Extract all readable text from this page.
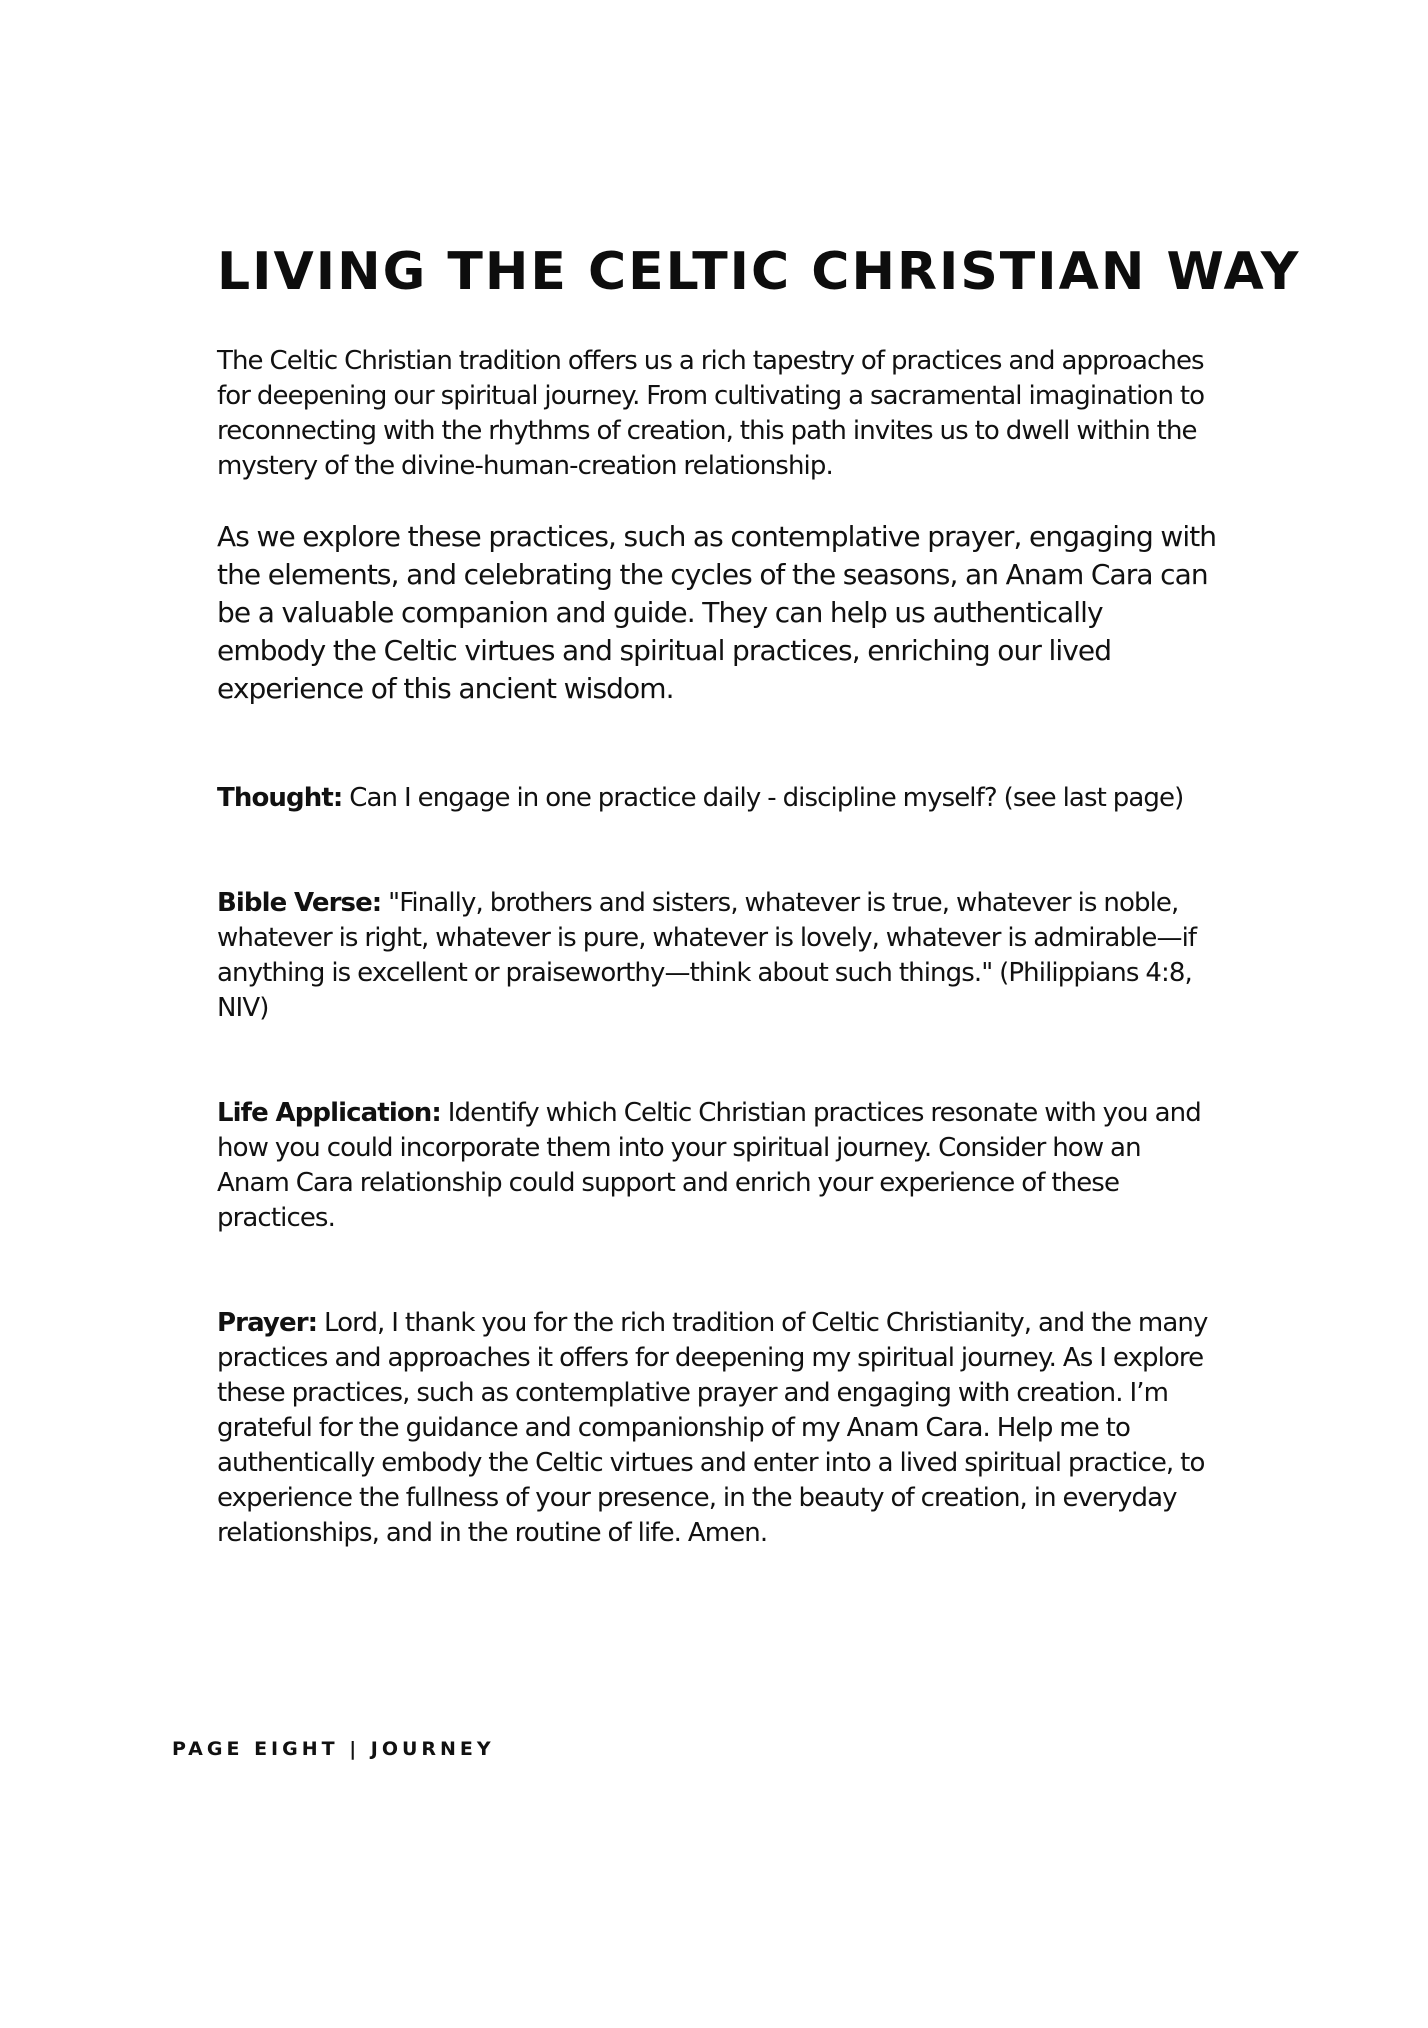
LIVING THE CELTIC CHRISTIAN WAY

The Celtic Christian tradition offers us a rich tapestry of practices and approaches for deepening our spiritual journey. From cultivating a sacramental imagination to reconnecting with the rhythms of creation, this path invites us to dwell within the mystery of the divine-human-creation relationship.

As we explore these practices, such as contemplative prayer, engaging with the elements, and celebrating the cycles of the seasons, an Anam Cara can be a valuable companion and guide. They can help us authentically embody the Celtic virtues and spiritual practices, enriching our lived experience of this ancient wisdom.

Thought: Can I engage in one practice daily - discipline myself? (see last page)

Bible Verse: "Finally, brothers and sisters, whatever is true, whatever is noble, whatever is right, whatever is pure, whatever is lovely, whatever is admirable—if anything is excellent or praiseworthy—think about such things." (Philippians 4:8, NIV)

Life Application: Identify which Celtic Christian practices resonate with you and how you could incorporate them into your spiritual journey. Consider how an Anam Cara relationship could support and enrich your experience of these practices.

Prayer: Lord, I thank you for the rich tradition of Celtic Christianity, and the many practices and approaches it offers for deepening my spiritual journey. As I explore these practices, such as contemplative prayer and engaging with creation. I’m grateful for the guidance and companionship of my Anam Cara. Help me to authentically embody the Celtic virtues and enter into a lived spiritual practice, to experience the fullness of your presence, in the beauty of creation, in everyday relationships, and in the routine of life. Amen.

PAGE EIGHT | JOURNEY
